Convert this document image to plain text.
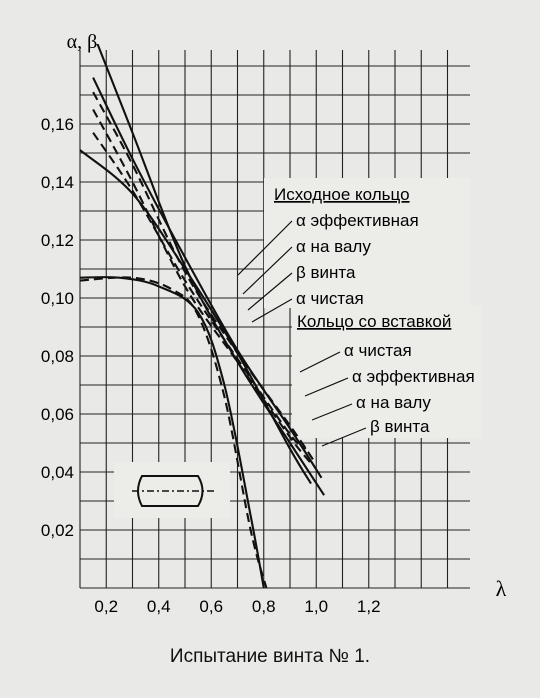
0,02
0,04
0,06
0,08
0,10
0,12
0,14
0,16
0,2 0,4 0,6 0,8 1,0 1,2
Исходное кольцо
α эффективная
α на валу
β винта
α чистая
Кольцо со вставкой
α чистая
α эффективная
α на валу
β винта
α, β
λ
Испытание винта № 1.
